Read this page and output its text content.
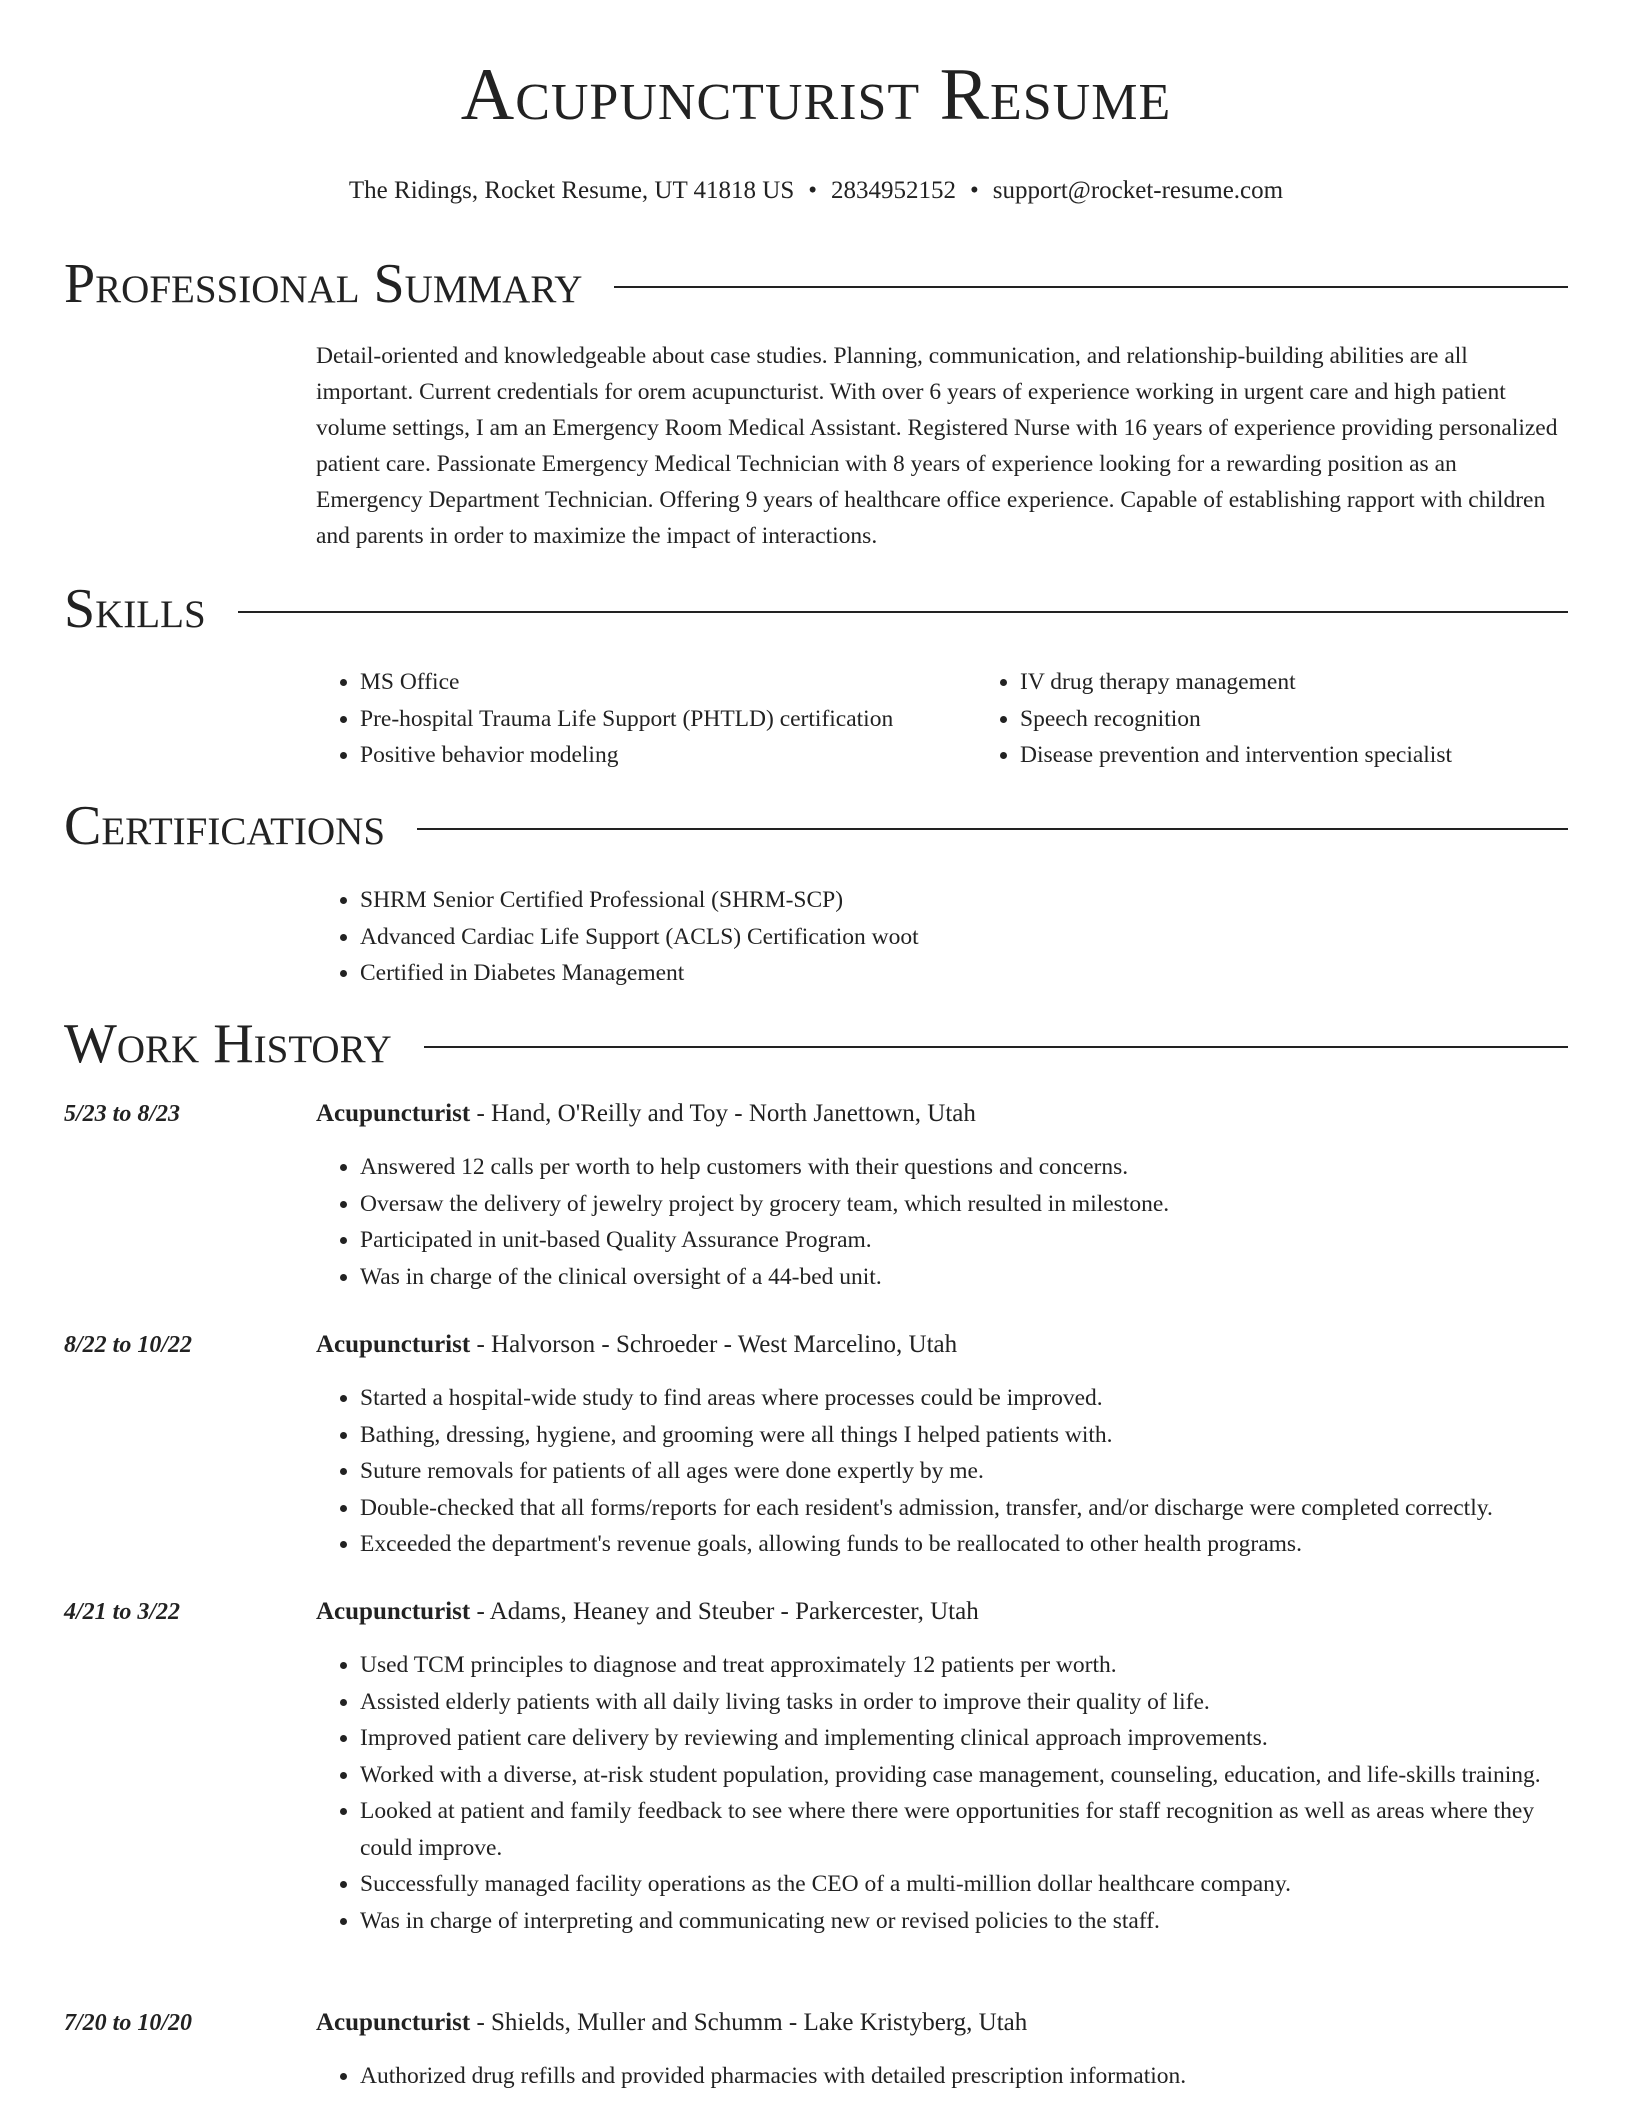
Acupuncturist Resume
The Ridings, Rocket Resume, UT 41818 US • 2834952152 • support@rocket-resume.com
Professional Summary
Detail-oriented and knowledgeable about case studies. Planning, communication, and relationship-building abilities are all important. Current credentials for orem acupuncturist. With over 6 years of experience working in urgent care and high patient volume settings, I am an Emergency Room Medical Assistant. Registered Nurse with 16 years of experience providing personalized patient care. Passionate Emergency Medical Technician with 8 years of experience looking for a rewarding position as an Emergency Department Technician. Offering 9 years of healthcare office experience. Capable of establishing rapport with children and parents in order to maximize the impact of interactions.
Skills
• MS Office
• Pre-hospital Trauma Life Support (PHTLD) certification
• Positive behavior modeling
• IV drug therapy management
• Speech recognition
• Disease prevention and intervention specialist
Certifications
• SHRM Senior Certified Professional (SHRM-SCP)
• Advanced Cardiac Life Support (ACLS) Certification woot
• Certified in Diabetes Management
Work History
5/23 to 8/23	Acupuncturist - Hand, O'Reilly and Toy - North Janettown, Utah
• Answered 12 calls per worth to help customers with their questions and concerns.
• Oversaw the delivery of jewelry project by grocery team, which resulted in milestone.
• Participated in unit-based Quality Assurance Program.
• Was in charge of the clinical oversight of a 44-bed unit.
8/22 to 10/22	Acupuncturist - Halvorson - Schroeder - West Marcelino, Utah
• Started a hospital-wide study to find areas where processes could be improved.
• Bathing, dressing, hygiene, and grooming were all things I helped patients with.
• Suture removals for patients of all ages were done expertly by me.
• Double-checked that all forms/reports for each resident's admission, transfer, and/or discharge were completed correctly.
• Exceeded the department's revenue goals, allowing funds to be reallocated to other health programs.
4/21 to 3/22	Acupuncturist - Adams, Heaney and Steuber - Parkercester, Utah
• Used TCM principles to diagnose and treat approximately 12 patients per worth.
• Assisted elderly patients with all daily living tasks in order to improve their quality of life.
• Improved patient care delivery by reviewing and implementing clinical approach improvements.
• Worked with a diverse, at-risk student population, providing case management, counseling, education, and life-skills training.
• Looked at patient and family feedback to see where there were opportunities for staff recognition as well as areas where they could improve.
• Successfully managed facility operations as the CEO of a multi-million dollar healthcare company.
• Was in charge of interpreting and communicating new or revised policies to the staff.
7/20 to 10/20	Acupuncturist - Shields, Muller and Schumm - Lake Kristyberg, Utah
• Authorized drug refills and provided pharmacies with detailed prescription information.
